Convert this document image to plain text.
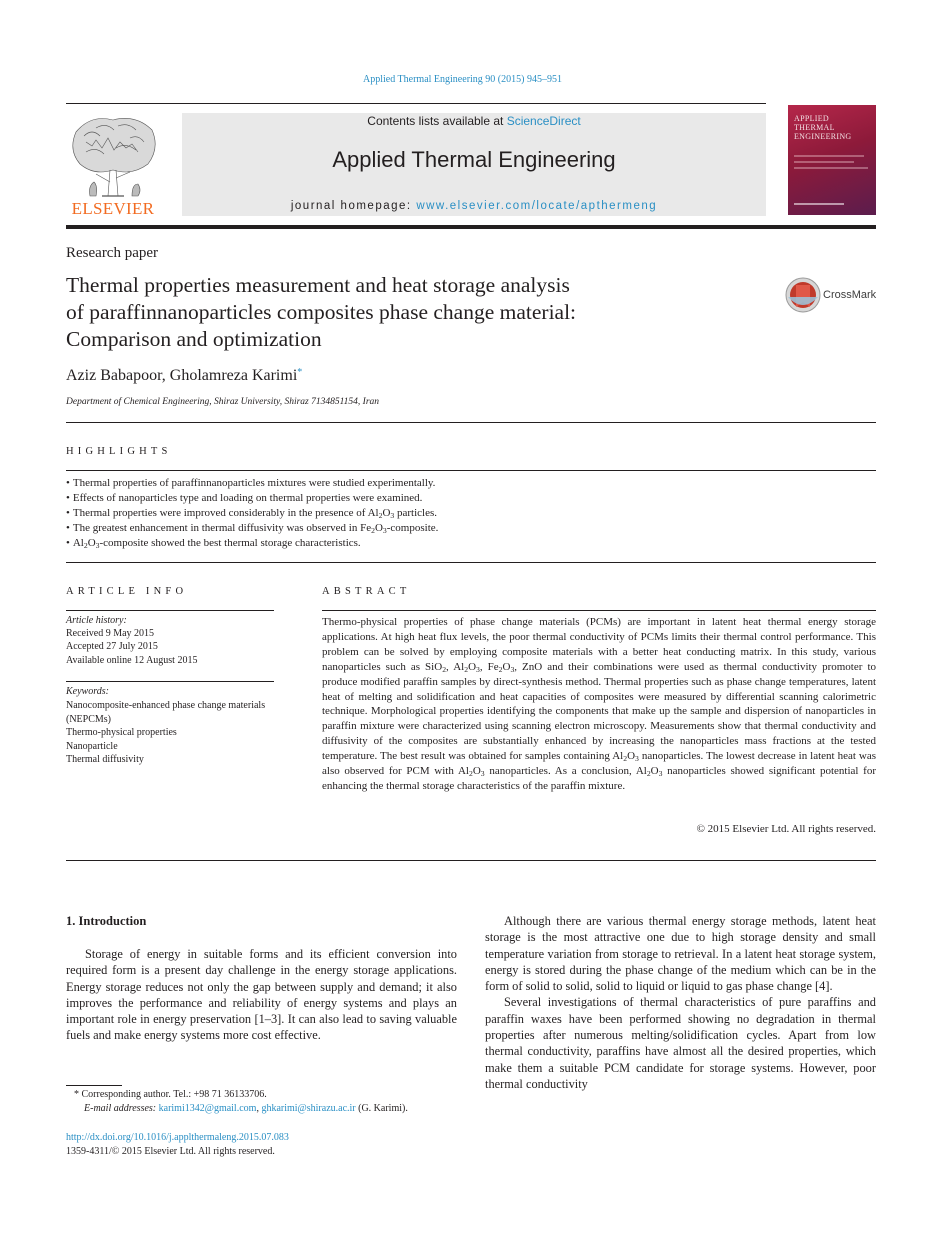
Applied Thermal Engineering 90 (2015) 945–951
ELSEVIER
Contents lists available at ScienceDirect
Applied Thermal Engineering
journal homepage: www.elsevier.com/locate/apthermeng
APPLIED
THERMAL
ENGINEERING
Research paper
Thermal properties measurement and heat storage analysis
of paraffinnanoparticles composites phase change material:
Comparison and optimization
CrossMark
Aziz Babapoor, Gholamreza Karimi*
Department of Chemical Engineering, Shiraz University, Shiraz 7134851154, Iran
HIGHLIGHTS
• Thermal properties of paraffinnanoparticles mixtures were studied experimentally.
• Effects of nanoparticles type and loading on thermal properties were examined.
• Thermal properties were improved considerably in the presence of $Al_2O_3$ particles.
• The greatest enhancement in thermal diffusivity was observed in $Fe_2O_3$-composite.
• $Al_2O_3$-composite showed the best thermal storage characteristics.
ARTICLE INFO
Article history:
Received 9 May 2015
Accepted 27 July 2015
Available online 12 August 2015
Keywords:
Nanocomposite-enhanced phase change materials (NEPCMs)
Thermo-physical properties
Nanoparticle
Thermal diffusivity
ABSTRACT
Thermo-physical properties of phase change materials (PCMs) are important in latent heat thermal energy storage applications. At high heat flux levels, the poor thermal conductivity of PCMs limits their thermal control performance. This problem can be solved by employing composite materials with a better heat conducting matrix. In this study, various nanoparticles such as SiO$_2$, $Al_2O_3$, $Fe_2O_3$, ZnO and their combinations were used as thermal conductivity promoter to produce modified paraffin samples by direct-synthesis method. Thermal properties such as phase change temperatures, latent heat of melting and solidification and heat capacities of composites were measured by differential scanning calorimetric technique. Morphological properties identifying the components that make up the sample and dispersion of nanoparticles in paraffin mixture were characterized using scanning electron microscopy. Measurements show that thermal conductivity and diffusivity of the composites are substantially enhanced by increasing the nanoparticles mass fractions at the tested temperature. The best result was obtained for samples containing $Al_2O_3$ nanoparticles. The lowest decrease in latent heat was also observed for PCM with $Al_2O_3$ nanoparticles. As a conclusion, $Al_2O_3$ nanoparticles showed significant potential for enhancing the thermal storage characteristics of the paraffin mixture.
© 2015 Elsevier Ltd. All rights reserved.
1. Introduction

Storage of energy in suitable forms and its efficient conversion into required form is a present day challenge in the energy storage applications. Energy storage reduces not only the gap between supply and demand; it also improves the performance and reliability of energy systems and plays an important role in energy preservation [1–3]. It can also lead to saving valuable fuels and make energy systems more cost effective.

Although there are various thermal energy storage methods, latent heat storage is the most attractive one due to high storage density and small temperature variation from storage to retrieval. In a latent heat storage system, energy is stored during the phase change of the medium which can be in the form of solid to solid, solid to liquid or liquid to gas phase change [4].

Several investigations of thermal characteristics of pure paraffins and paraffin waxes have been performed showing no degradation in thermal properties after numerous melting/solidification cycles. Apart from low thermal conductivity, paraffins have almost all the desired properties, which make them a suitable PCM candidate for storage systems. However, poor thermal conductivity

* Corresponding author. Tel.: +98 71 36133706.
E-mail addresses: karimi1342@gmail.com, ghkarimi@shirazu.ac.ir (G. Karimi).
http://dx.doi.org/10.1016/j.applthermaleng.2015.07.083
1359-4311/© 2015 Elsevier Ltd. All rights reserved.
